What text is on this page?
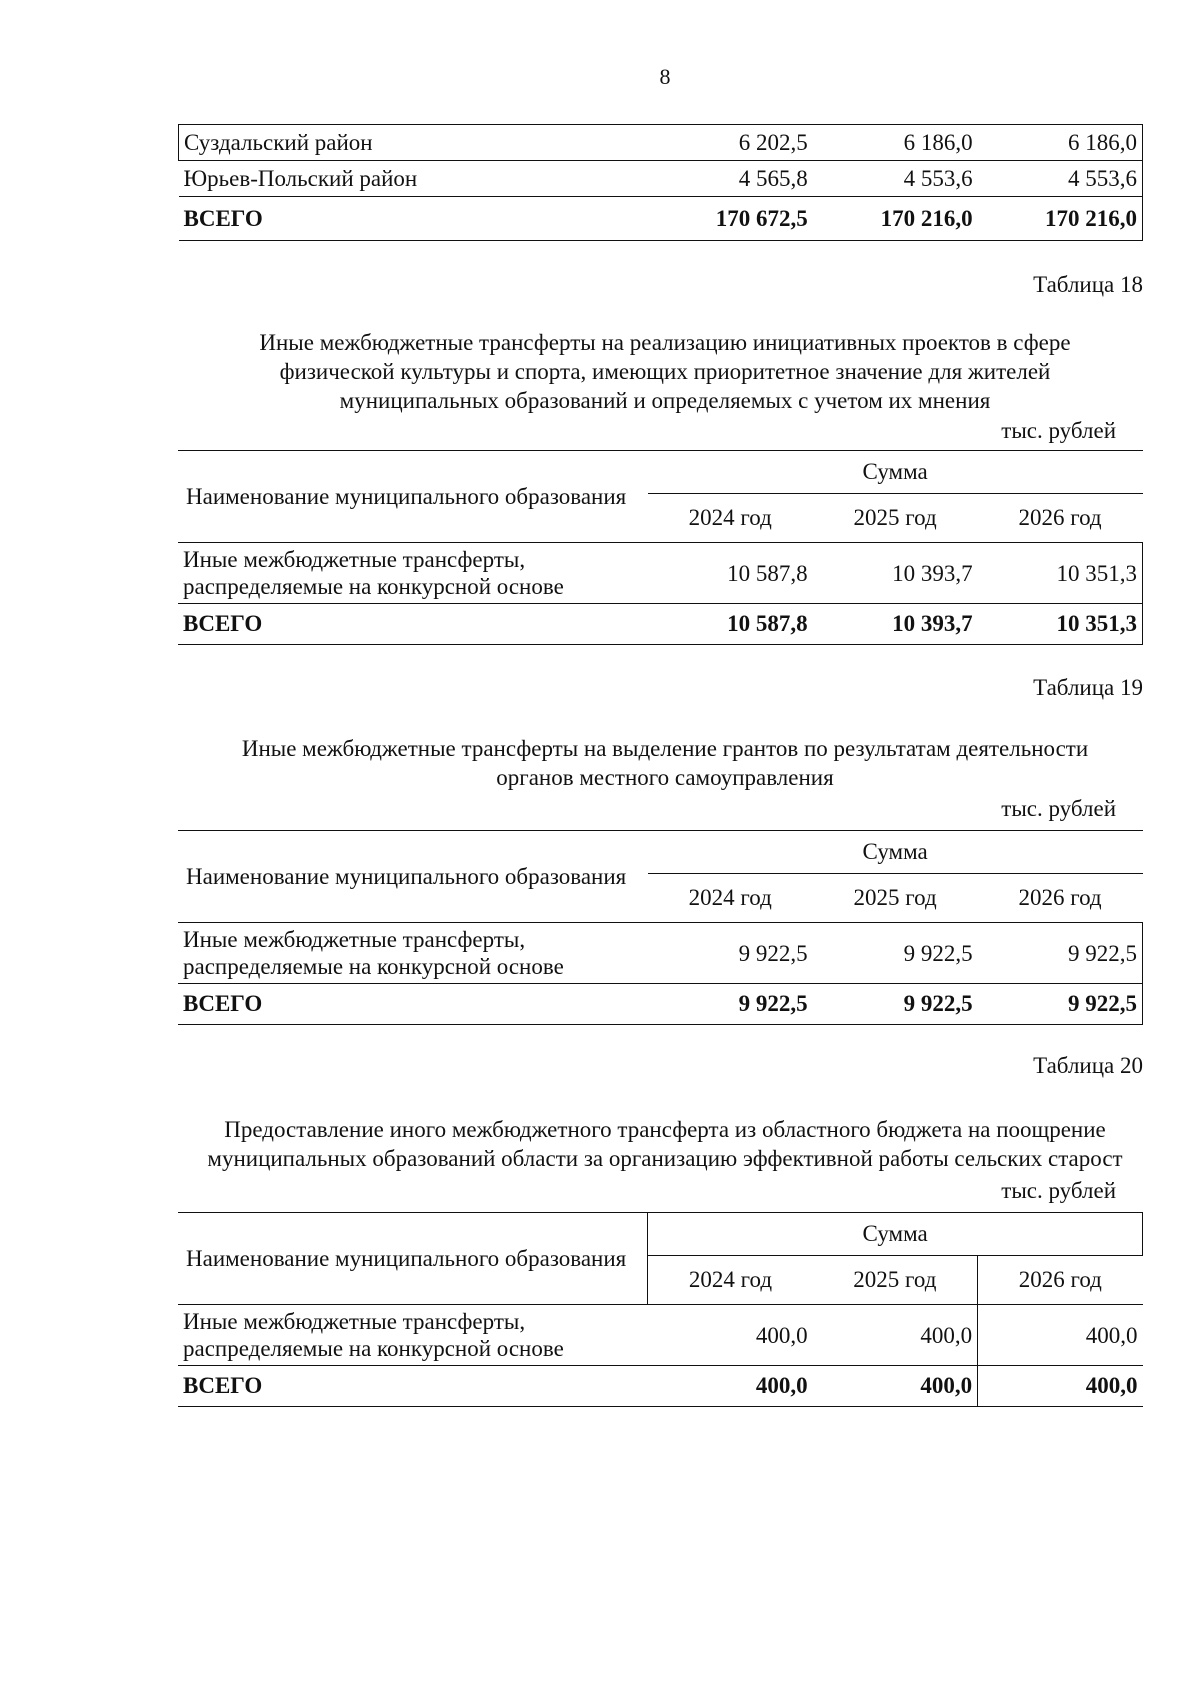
8
Суздальский район	6 202,5	6 186,0	6 186,0
Юрьев-Польский район	4 565,8	4 553,6	4 553,6
ВСЕГО	170 672,5	170 216,0	170 216,0
Таблица 18
Иные межбюджетные трансферты на реализацию инициативных проектов в сфере
физической культуры и спорта, имеющих приоритетное значение для жителей
муниципальных образований и определяемых с учетом их мнения
тыс. рублей
Наименование муниципального образования	Сумма		
	2024 год	2025 год	2026 год

Иные межбюджетные трансферты,
распределяемые на конкурсной основе	10 587,8	10 393,7	10 351,3
ВСЕГО	10 587,8	10 393,7	10 351,3
Таблица 19
Иные межбюджетные трансферты на выделение грантов по результатам деятельности
органов местного самоуправления
тыс. рублей
Наименование муниципального образования	Сумма		
	2024 год	2025 год	2026 год

Иные межбюджетные трансферты,
распределяемые на конкурсной основе	9 922,5	9 922,5	9 922,5
ВСЕГО	9 922,5	9 922,5	9 922,5
Таблица 20
Предоставление иного межбюджетного трансферта из областного бюджета на поощрение
муниципальных образований области за организацию эффективной работы сельских старост
тыс. рублей
Наименование муниципального образования	Сумма		
	2024 год	2025 год	2026 год

Иные межбюджетные трансферты,
распределяемые на конкурсной основе	400,0	400,0	400,0
ВСЕГО	400,0	400,0	400,0
